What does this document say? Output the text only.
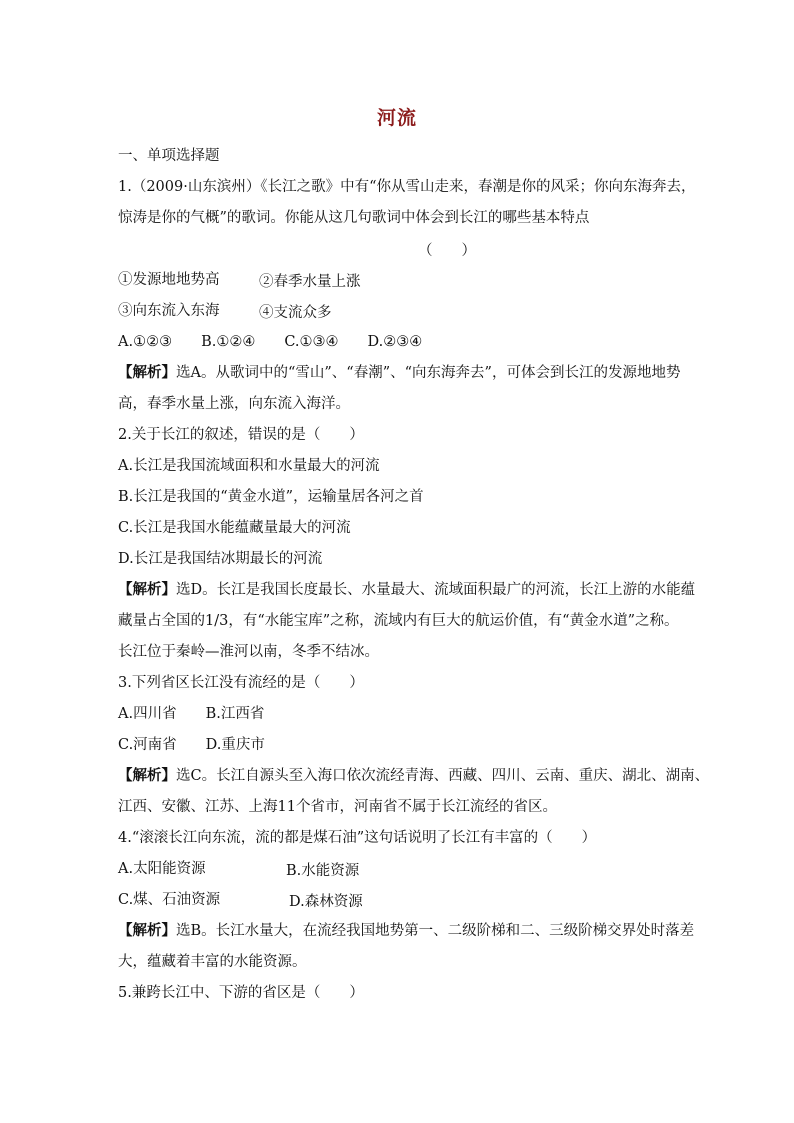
河流
一、单项选择题
1.（2009·山东滨州）《长江之歌》中有“你从雪山走来，春潮是你的风采；你向东海奔去，
惊涛是你的气概”的歌词。你能从这几句歌词中体会到长江的哪些基本特点
（　　）
①发源地地势高	②春季水量上涨
③向东流入东海	④支流众多
A.①②③　　B.①②④　　C.①③④　　D.②③④
【解析】选A。从歌词中的“雪山”、“春潮”、“向东海奔去”，可体会到长江的发源地地势
高，春季水量上涨，向东流入海洋。
2.关于长江的叙述，错误的是（　　）
A.长江是我国流域面积和水量最大的河流
B.长江是我国的“黄金水道”，运输量居各河之首
C.长江是我国水能蕴藏量最大的河流
D.长江是我国结冰期最长的河流
【解析】选D。长江是我国长度最长、水量最大、流域面积最广的河流，长江上游的水能蕴
藏量占全国的1/3，有“水能宝库”之称，流域内有巨大的航运价值，有“黄金水道”之称。
长江位于秦岭—淮河以南，冬季不结冰。
3.下列省区长江没有流经的是（　　）
A.四川省　　B.江西省
C.河南省　　D.重庆市
【解析】选C。长江自源头至入海口依次流经青海、西藏、四川、云南、重庆、湖北、湖南、
江西、安徽、江苏、上海11个省市，河南省不属于长江流经的省区。
4.“滚滚长江向东流，流的都是煤石油”这句话说明了长江有丰富的（　　）
A.太阳能资源	B.水能资源
C.煤、石油资源	D.森林资源
【解析】选B。长江水量大，在流经我国地势第一、二级阶梯和二、三级阶梯交界处时落差
大，蕴藏着丰富的水能资源。
5.兼跨长江中、下游的省区是（　　）
